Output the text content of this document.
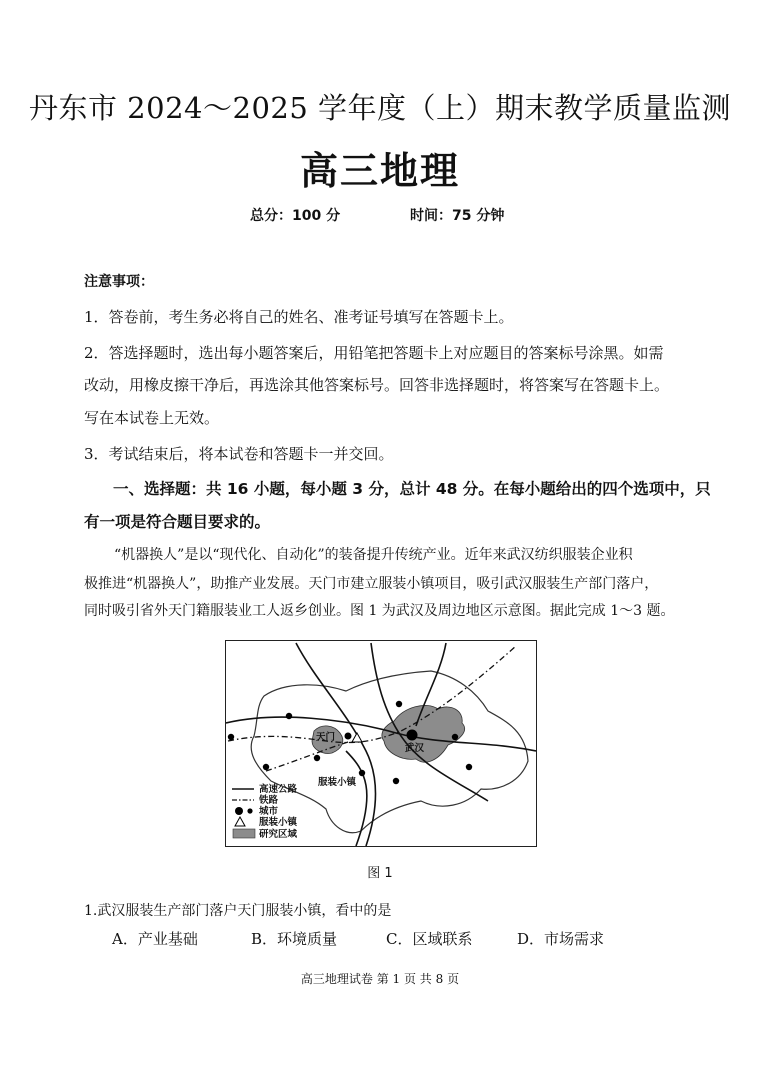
丹东市 2024～2025 学年度（上）期末教学质量监测
高三地理
总分：100 分	时间：75 分钟
注意事项：
1．答卷前，考生务必将自己的姓名、准考证号填写在答题卡上。
2．答选择题时，选出每小题答案后，用铅笔把答题卡上对应题目的答案标号涂黑。如需
改动，用橡皮擦干净后，再选涂其他答案标号。回答非选择题时，将答案写在答题卡上。
写在本试卷上无效。
3．考试结束后，将本试卷和答题卡一并交回。
一、选择题：共 16 小题，每小题 3 分，总计 48 分。在每小题给出的四个选项中，只
有一项是符合题目要求的。
“机器换人”是以“现代化、自动化”的装备提升传统产业。近年来武汉纺织服装企业积
极推进“机器换人”，助推产业发展。天门市建立服装小镇项目，吸引武汉服装生产部门落户，
同时吸引省外天门籍服装业工人返乡创业。图 1 为武汉及周边地区示意图。据此完成 1～3 题。
天门
武汉
服装小镇
高速公路
铁路
城市
服装小镇
研究区域
图 1
1.武汉服装生产部门落户天门服装小镇，看中的是
A．产业基础	B．环境质量	C．区域联系	D．市场需求
高三地理试卷 第 1 页 共 8 页
